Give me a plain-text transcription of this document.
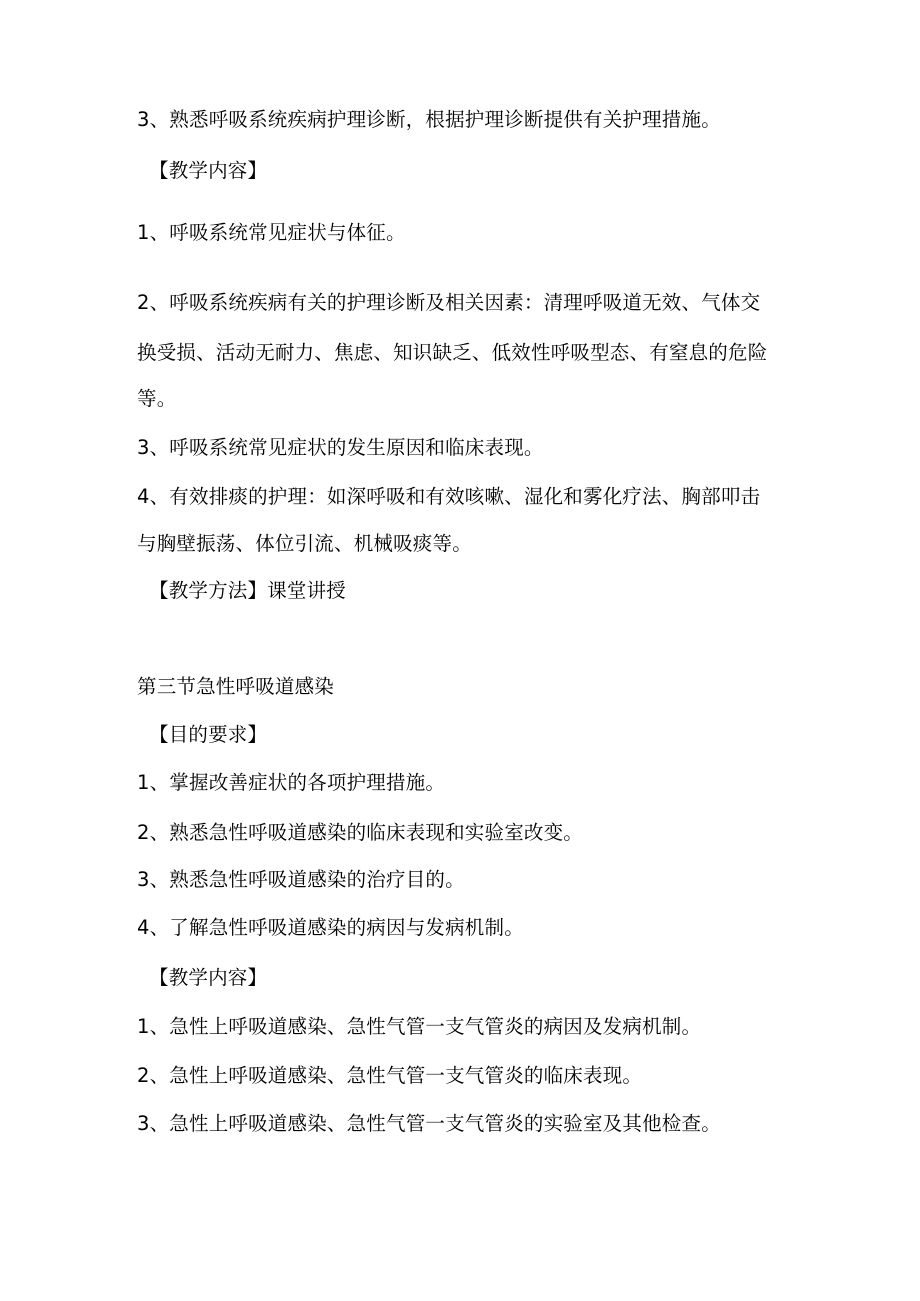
3、熟悉呼吸系统疾病护理诊断，根据护理诊断提供有关护理措施。
【教学内容】
1、呼吸系统常见症状与体征。
2、呼吸系统疾病有关的护理诊断及相关因素：清理呼吸道无效、气体交
换受损、活动无耐力、焦虑、知识缺乏、低效性呼吸型态、有窒息的危险
等。
3、呼吸系统常见症状的发生原因和临床表现。
4、有效排痰的护理：如深呼吸和有效咳嗽、湿化和雾化疗法、胸部叩击
与胸壁振荡、体位引流、机械吸痰等。
【教学方法】课堂讲授
第三节急性呼吸道感染
【目的要求】
1、掌握改善症状的各项护理措施。
2、熟悉急性呼吸道感染的临床表现和实验室改变。
3、熟悉急性呼吸道感染的治疗目的。
4、了解急性呼吸道感染的病因与发病机制。
【教学内容】
1、急性上呼吸道感染、急性气管一支气管炎的病因及发病机制。
2、急性上呼吸道感染、急性气管一支气管炎的临床表现。
3、急性上呼吸道感染、急性气管一支气管炎的实验室及其他检查。
